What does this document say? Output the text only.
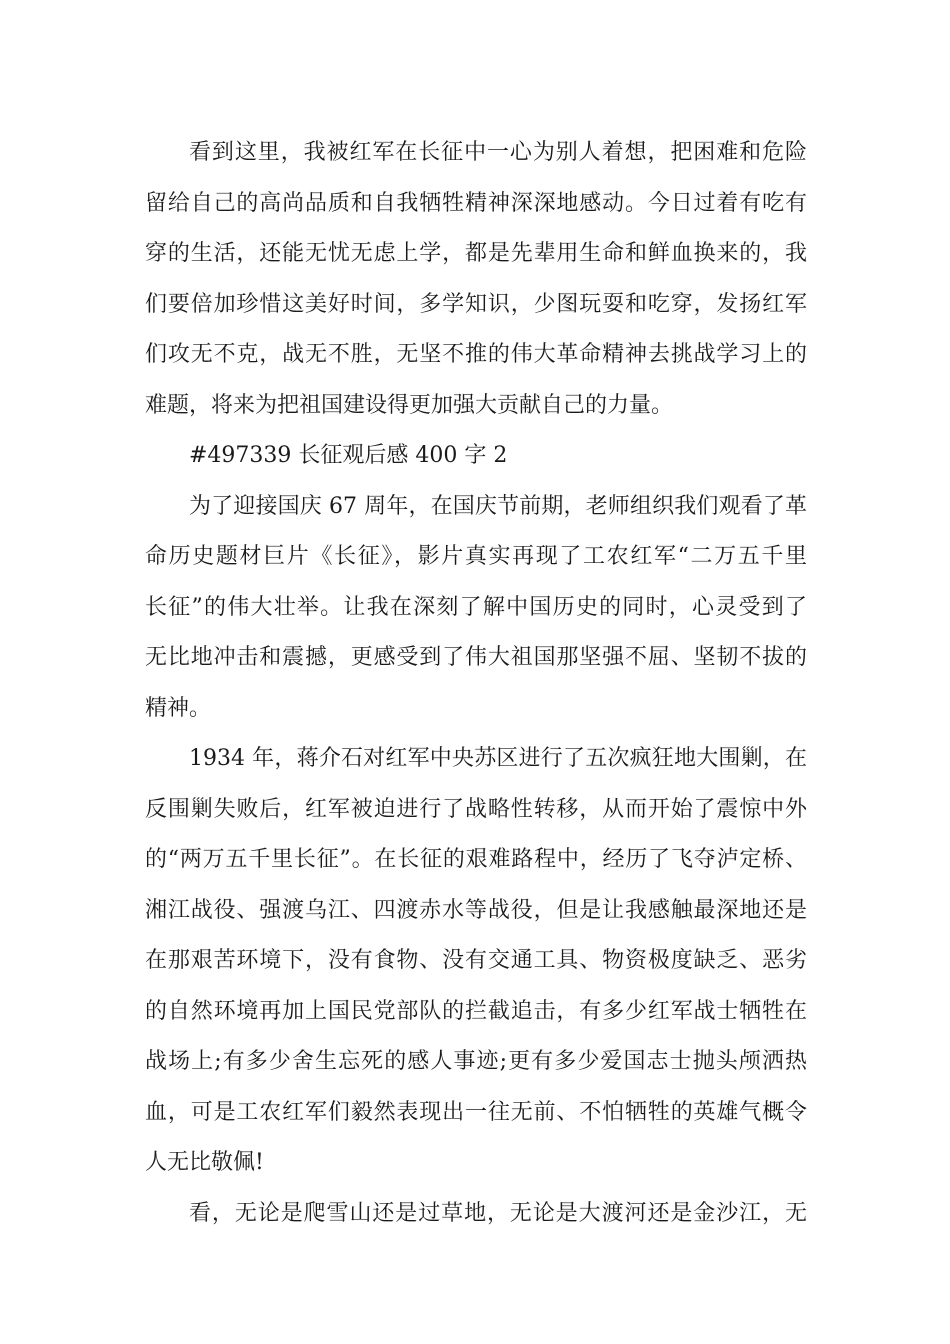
看到这里，我被红军在长征中一心为别人着想，把困难和危险
留给自己的高尚品质和自我牺牲精神深深地感动。今日过着有吃有
穿的生活，还能无忧无虑上学，都是先辈用生命和鲜血换来的，我
们要倍加珍惜这美好时间，多学知识，少图玩耍和吃穿，发扬红军
们攻无不克，战无不胜，无坚不推的伟大革命精神去挑战学习上的
难题，将来为把祖国建设得更加强大贡献自己的力量。
#497339 长征观后感 400 字 2
为了迎接国庆 67 周年，在国庆节前期，老师组织我们观看了革
命历史题材巨片《长征》，影片真实再现了工农红军“二万五千里
长征”的伟大壮举。让我在深刻了解中国历史的同时，心灵受到了
无比地冲击和震撼，更感受到了伟大祖国那坚强不屈、坚韧不拔的
精神。
1934 年，蒋介石对红军中央苏区进行了五次疯狂地大围剿，在
反围剿失败后，红军被迫进行了战略性转移，从而开始了震惊中外
的“两万五千里长征”。在长征的艰难路程中，经历了飞夺泸定桥、
湘江战役、强渡乌江、四渡赤水等战役，但是让我感触最深地还是
在那艰苦环境下，没有食物、没有交通工具、物资极度缺乏、恶劣
的自然环境再加上国民党部队的拦截追击，有多少红军战士牺牲在
战场上;有多少舍生忘死的感人事迹;更有多少爱国志士抛头颅洒热
血，可是工农红军们毅然表现出一往无前、不怕牺牲的英雄气概令
人无比敬佩!
看，无论是爬雪山还是过草地，无论是大渡河还是金沙江，无
